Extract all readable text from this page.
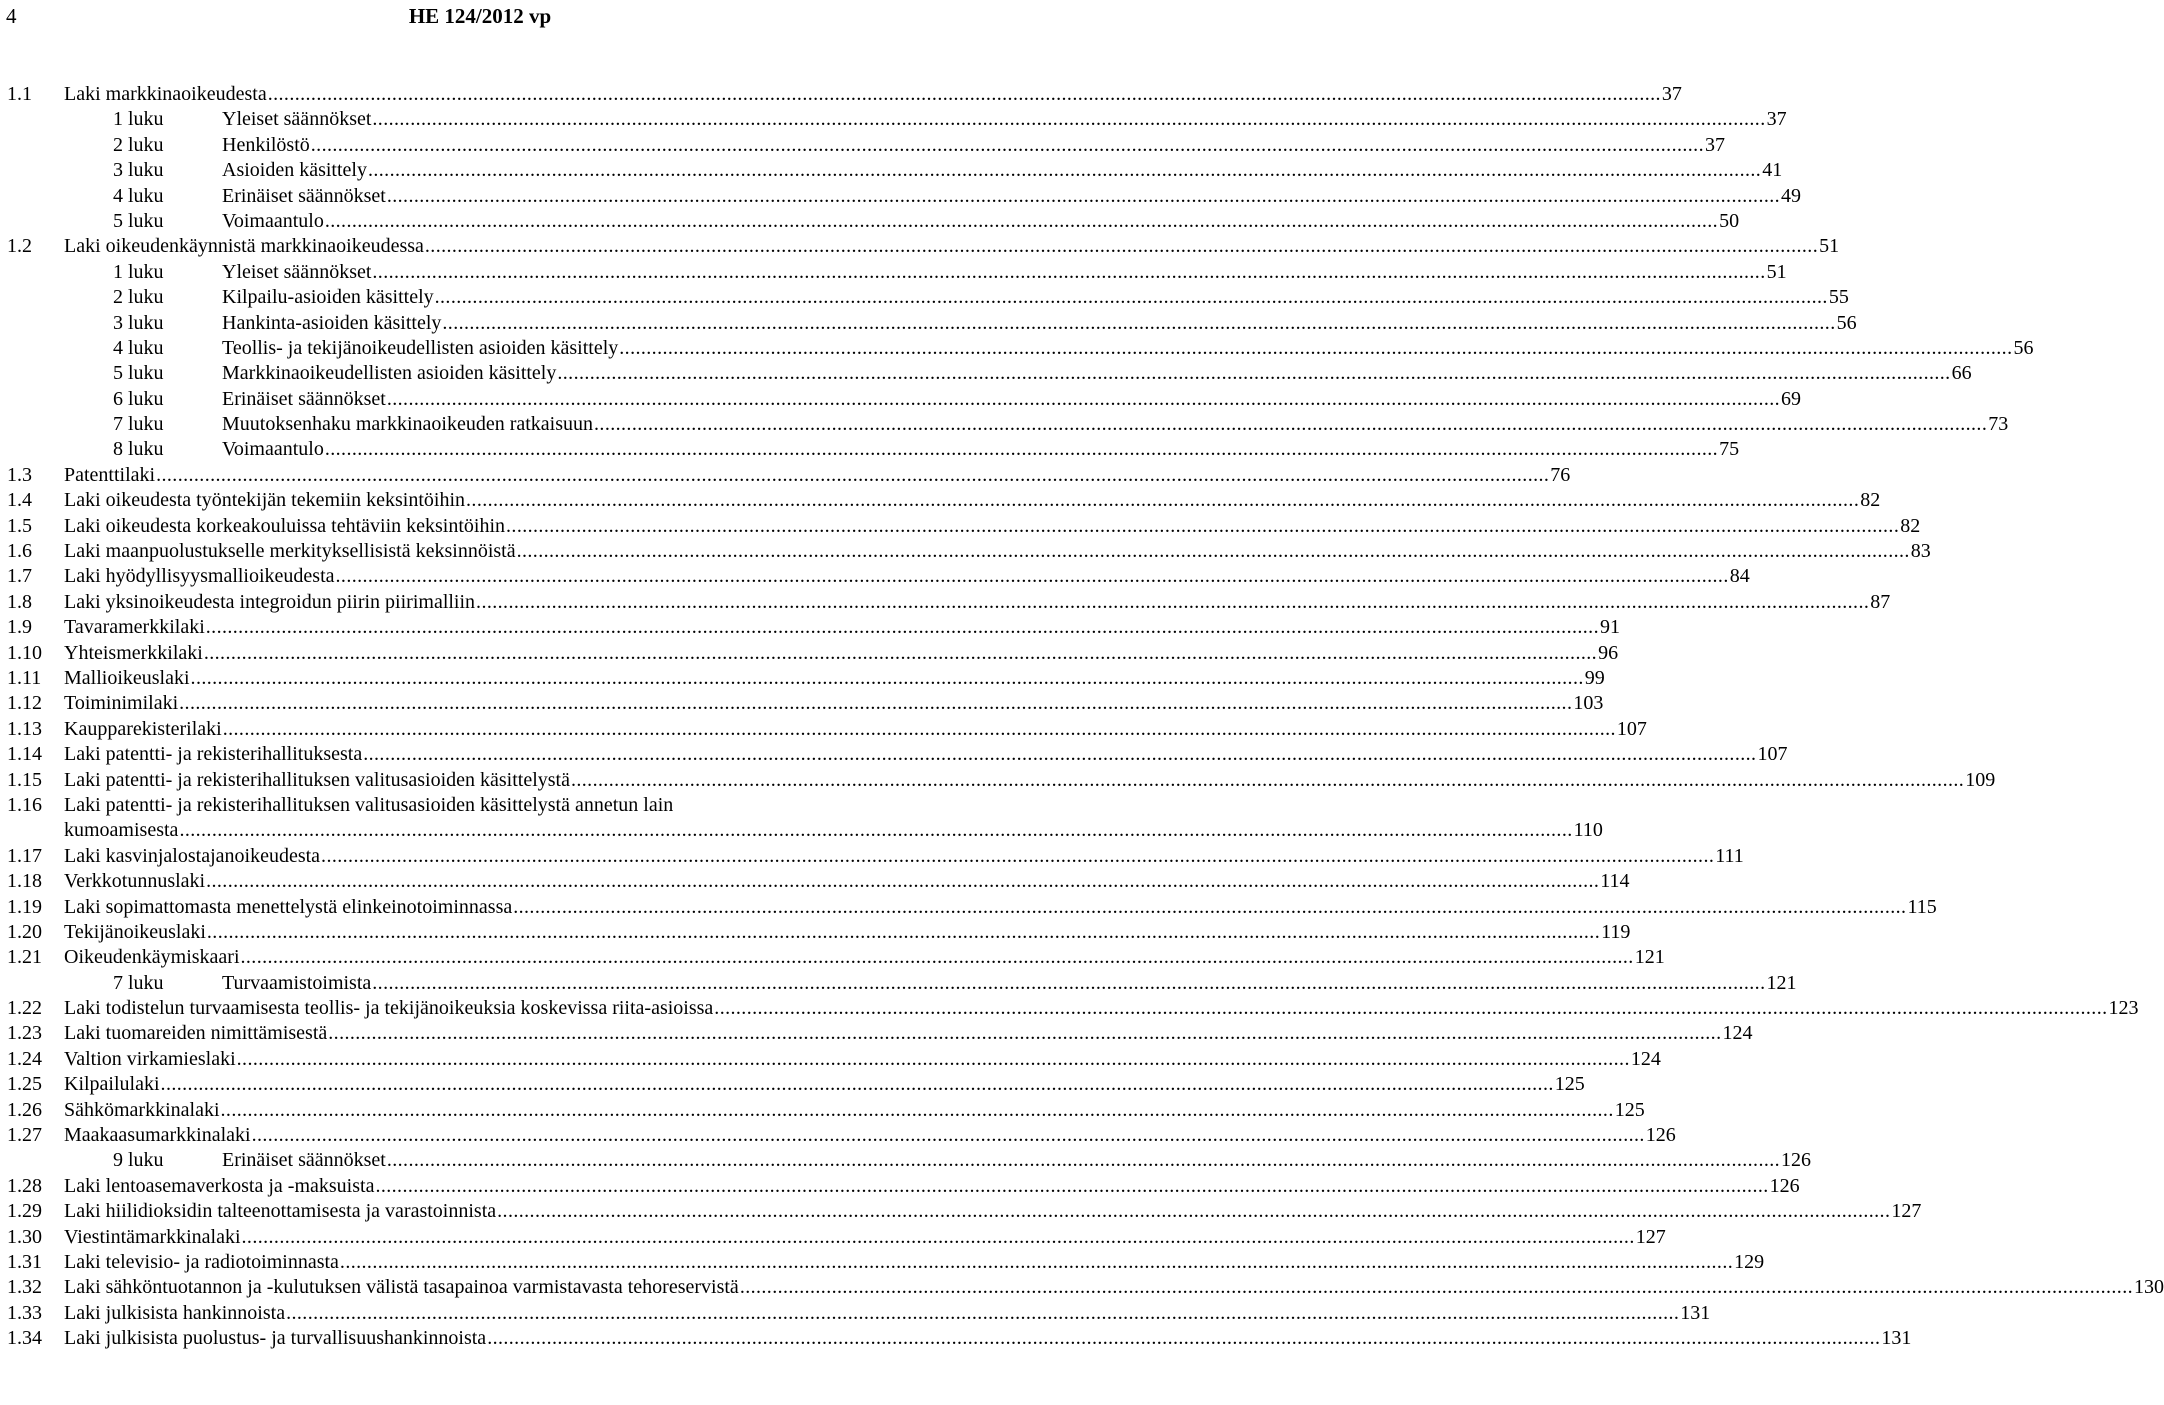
4	HE 124/2012 vp
1.1 Laki markkinaoikeudesta .....	37
1 luku	Yleiset säännökset .....	37
2 luku	Henkilöstö .....	37
3 luku	Asioiden käsittely .....	41
4 luku	Erinäiset säännökset .....	49
5 luku	Voimaantulo .....	50
1.2 Laki oikeudenkäynnistä markkinaoikeudessa .....	51
1 luku	Yleiset säännökset .....	51
2 luku	Kilpailu-asioiden käsittely .....	55
3 luku	Hankinta-asioiden käsittely .....	56
4 luku	Teollis- ja tekijänoikeudellisten asioiden käsittely .....	56
5 luku	Markkinaoikeudellisten asioiden käsittely .....	66
6 luku	Erinäiset säännökset .....	69
7 luku	Muutoksenhaku markkinaoikeuden ratkaisuun .....	73
8 luku	Voimaantulo .....	75
1.3 Patenttilaki .....	76
1.4 Laki oikeudesta työntekijän tekemiin keksintöihin .....	82
1.5 Laki oikeudesta korkeakouluissa tehtäviin keksintöihin .....	82
1.6 Laki maanpuolustukselle merkityksellisistä keksinnöistä .....	83
1.7 Laki hyödyllisyysmallioikeudesta .....	84
1.8 Laki yksinoikeudesta integroidun piirin piirimalliin .....	87
1.9 Tavaramerkkilaki .....	91
1.10 Yhteismerkkilaki .....	96
1.11 Mallioikeuslaki .....	99
1.12 Toiminimilaki .....	103
1.13 Kaupparekisterilaki .....	107
1.14 Laki patentti- ja rekisterihallituksesta .....	107
1.15 Laki patentti- ja rekisterihallituksen valitusasioiden käsittelystä .....	109
1.16 Laki patentti- ja rekisterihallituksen valitusasioiden käsittelystä annetun lain
kumoamisesta .....	110
1.17 Laki kasvinjalostajanoikeudesta .....	111
1.18 Verkkotunnuslaki .....	114
1.19 Laki sopimattomasta menettelystä elinkeinotoiminnassa .....	115
1.20 Tekijänoikeuslaki .....	119
1.21 Oikeudenkäymiskaari .....	121
7 luku	Turvaamistoimista .....	121
1.22 Laki todistelun turvaamisesta teollis- ja tekijänoikeuksia koskevissa riita-asioissa .....	123
1.23 Laki tuomareiden nimittämisestä .....	124
1.24 Valtion virkamieslaki .....	124
1.25 Kilpailulaki .....	125
1.26 Sähkömarkkinalaki .....	125
1.27 Maakaasumarkkinalaki .....	126
9 luku	Erinäiset säännökset .....	126
1.28 Laki lentoasemaverkosta ja -maksuista .....	126
1.29 Laki hiilidioksidin talteenottamisesta ja varastoinnista .....	127
1.30 Viestintämarkkinalaki .....	127
1.31 Laki televisio- ja radiotoiminnasta .....	129
1.32 Laki sähköntuotannon ja -kulutuksen välistä tasapainoa varmistavasta tehoreservistä .....	130
1.33 Laki julkisista hankinnoista .....	131
1.34 Laki julkisista puolustus- ja turvallisuushankinnoista .....	131
